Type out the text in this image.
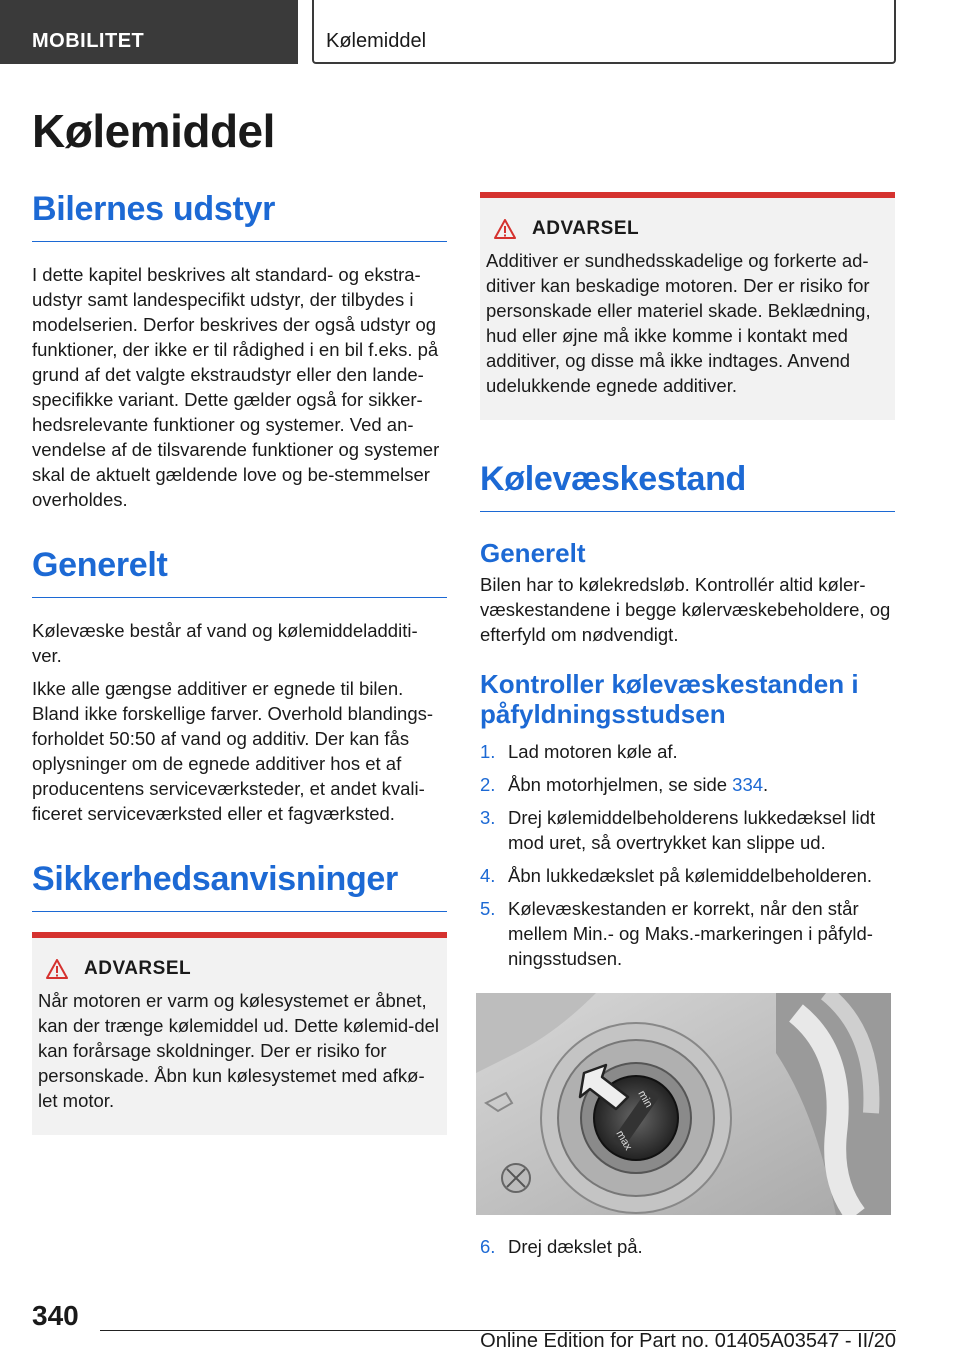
MOBILITET	Kølemiddel
Kølemiddel
Bilernes udstyr

I dette kapitel beskrives alt standard- og ekstra-udstyr samt landespecifikt udstyr, der tilbydes i modelserien. Derfor beskrives der også udstyr og funktioner, der ikke er til rådighed i en bil f.eks. på grund af det valgte ekstraudstyr eller den lande-specifikke variant. Dette gælder også for sikker-hedsrelevante funktioner og systemer. Ved an-vendelse af de tilsvarende funktioner og systemer skal de aktuelt gældende love og be-stemmelser overholdes.

Generelt

Kølevæske består af vand og kølemiddeladditi-ver.

Ikke alle gængse additiver er egnede til bilen. Bland ikke forskellige farver. Overhold blandings-forholdet 50:50 af vand og additiv. Der kan fås oplysninger om de egnede additiver hos et af producentens serviceværksteder, et andet kvali-ficeret serviceværksted eller et fagværksted.

Sikkerhedsanvisninger
ADVARSEL

Når motoren er varm og kølesystemet er åbnet, kan der trænge kølemiddel ud. Dette kølemid-del kan forårsage skoldninger. Der er risiko for personskade. Åbn kun kølesystemet med afkø-let motor.

ADVARSEL

Additiver er sundhedsskadelige og forkerte ad-ditiver kan beskadige motoren. Der er risiko for personskade eller materiel skade. Beklædning, hud eller øjne må ikke komme i kontakt med additiver, og disse må ikke indtages. Anvend udelukkende egnede additiver.

Kølevæskestand
Generelt

Bilen har to kølekredsløb. Kontrollér altid køler-væskestandene i begge kølervæskebeholdere, og efterfyld om nødvendigt.

Kontroller kølevæskestanden i påfyldningsstudsen
1. Lad motoren køle af.
2. Åbn motorhjelmen, se side 334.
3. Drej kølemiddelbeholderens lukkedæksel lidt mod uret, så overtrykket kan slippe ud.
4. Åbn lukkedækslet på kølemiddelbeholderen.
5. Kølevæskestanden er korrekt, når den står mellem Min.- og Maks.-markeringen i påfyld-ningsstudsen.
min
max
6. Drej dækslet på.
340
Online Edition for Part no. 01405A03547 - II/20
